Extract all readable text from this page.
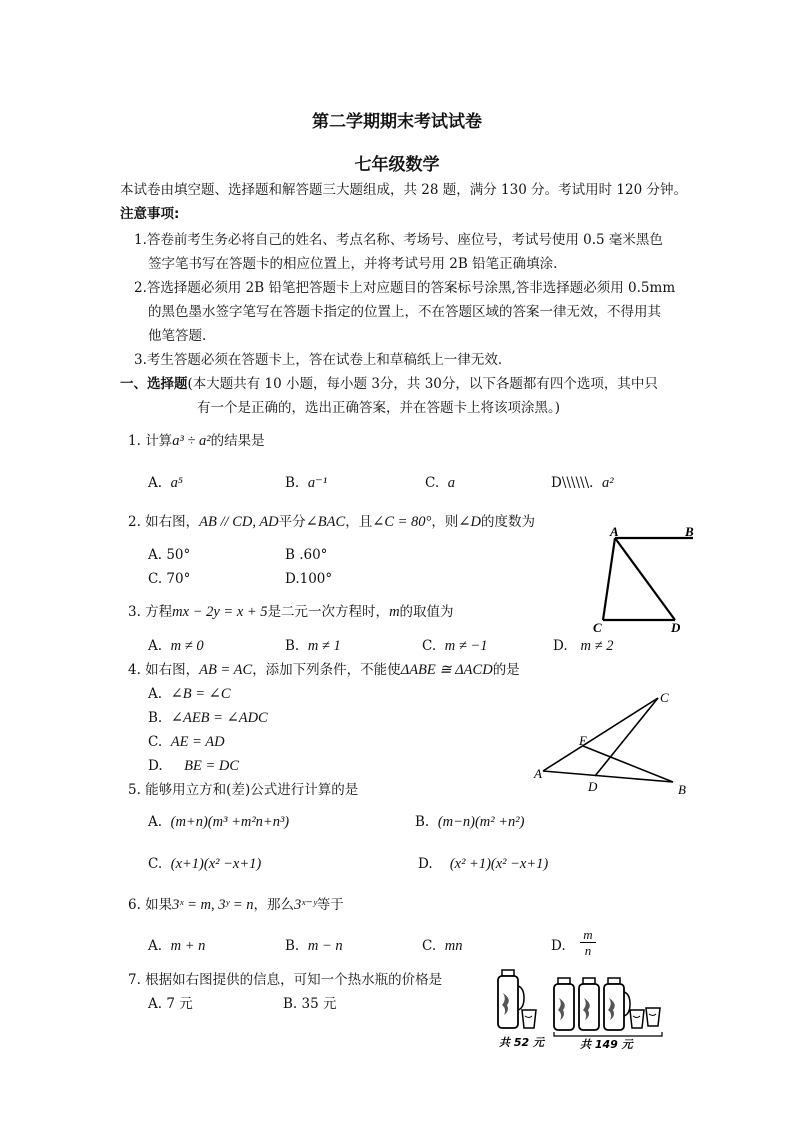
第二学期期末考试试卷
七年级数学
本试卷由填空题、选择题和解答题三大题组成，共 28 题，满分 130 分。考试用时 120 分钟。
注意事项:
1.答卷前考生务必将自己的姓名、考点名称、考场号、座位号，考试号使用 0.5 毫米黑色
签字笔书写在答题卡的相应位置上，并将考试号用 2B 铅笔正确填涂.
2.答选择题必须用 2B 铅笔把答题卡上对应题目的答案标号涂黑,答非选择题必须用 0.5mm
的黑色墨水签字笔写在答题卡指定的位置上，不在答题区域的答案一律无效，不得用其
他笔答题.
3.考生答题必须在答题卡上，答在试卷上和草稿纸上一律无效.
一、选择题(本大题共有 10 小题，每小题 3分，共 30分，以下各题都有四个选项，其中只
有一个是正确的，选出正确答案，并在答题卡上将该项涂黑。)
1. 计算a³ ÷ a²的结果是
A. a⁵	B. a⁻¹	C. a	D\\\\\\. a²
2. 如右图，AB // CD, AD平分∠BAC，且∠C = 80°，则∠D的度数为
A. 50°	B .60°
C. 70°	D.100°
A	B
C	D
3. 方程mx − 2y = x + 5是二元一次方程时，m的取值为
A. m ≠ 0	B. m ≠ 1	C. m ≠ −1	D. m ≠ 2
4. 如右图，AB = AC，添加下列条件，不能使ΔABE ≅ ΔACD的是
A. ∠B = ∠C
B. ∠AEB = ∠ADC
C. AE = AD
D. BE = DC
C
E
A
D	B
5. 能够用立方和(差)公式进行计算的是
A. (m+n)(m³ +m²n+n³)	B. (m−n)(m² +n²)
C. (x+1)(x² −x+1)	D. (x² +1)(x² −x+1)
6. 如果3ˣ = m, 3ʸ = n，那么3ˣ⁻ʸ等于
A. m + n	B. m − n	C. mn	D. $\frac{m}{n}$
7. 根据如右图提供的信息，可知一个热水瓶的价格是
A. 7 元	B. 35 元
共 52 元	共 149 元
